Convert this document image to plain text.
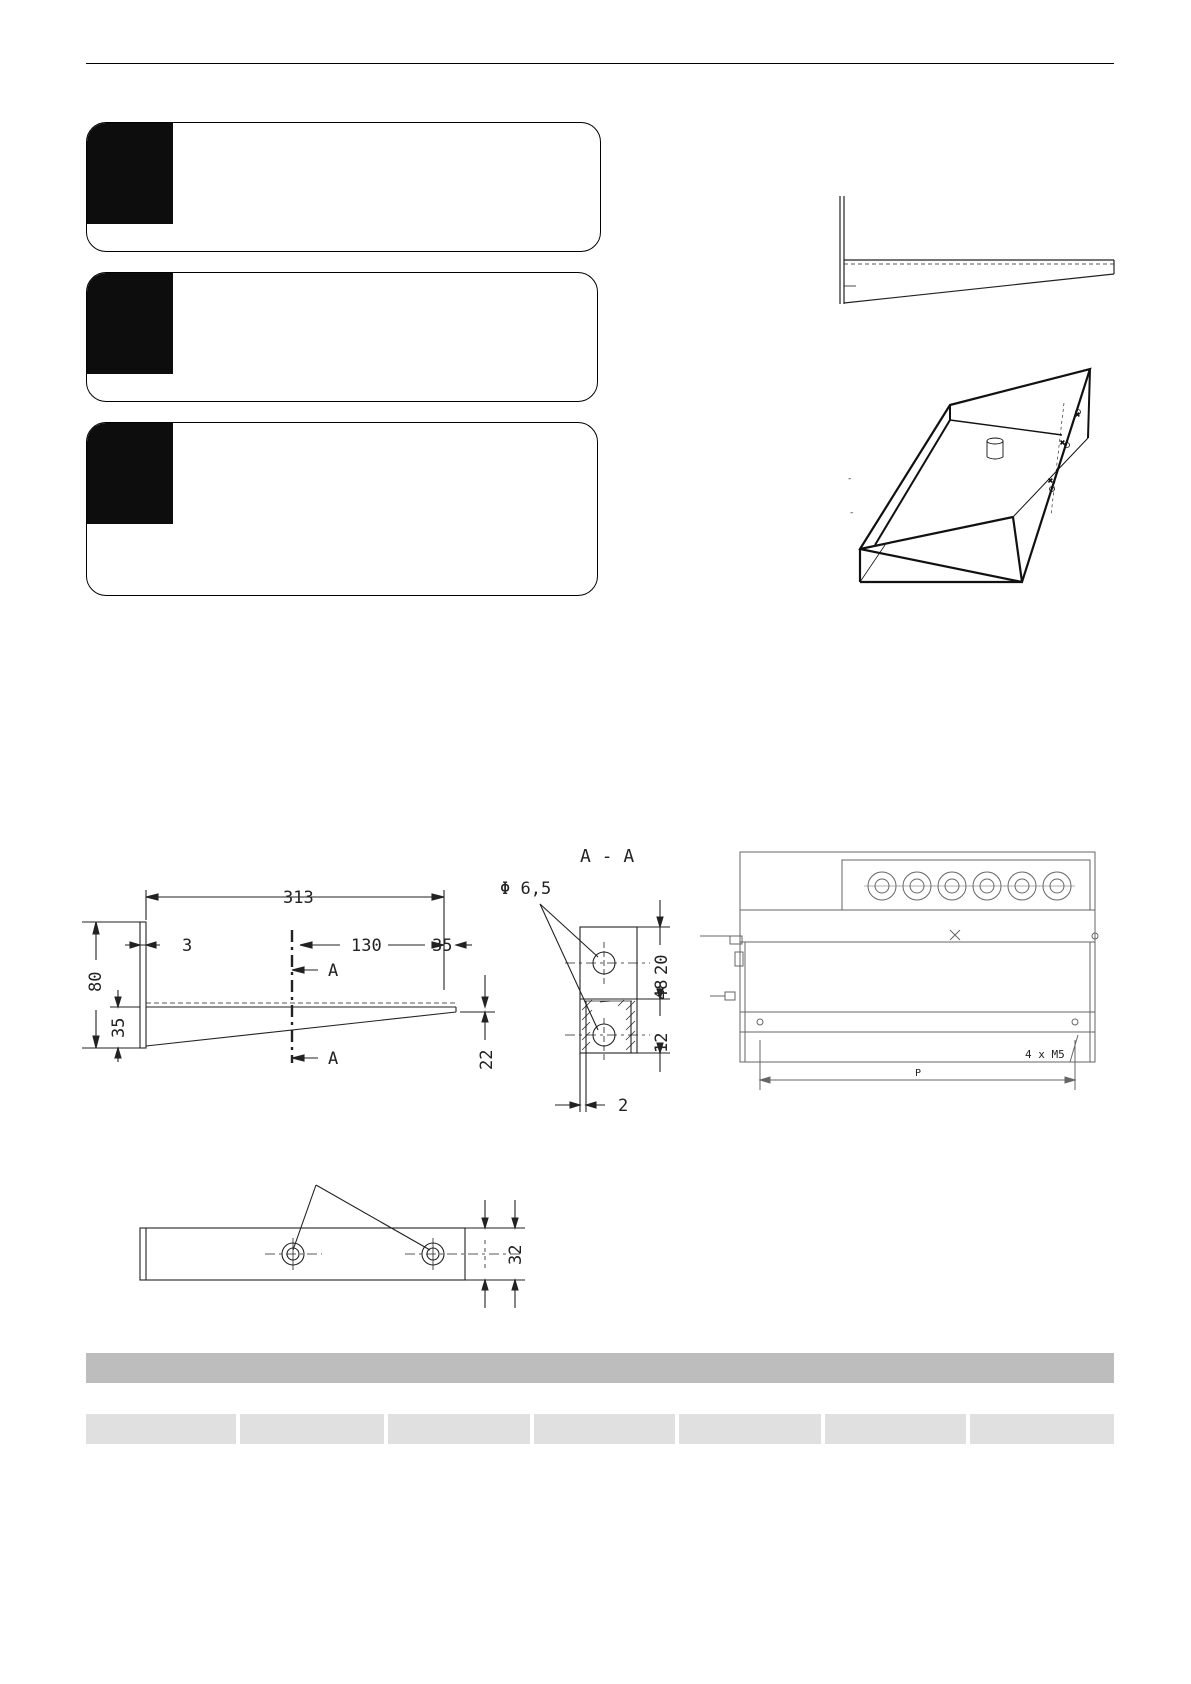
×
×
×
-
-
313
3	130	35
A
A
80
35
22
A - A
Φ 6,5
20
48
12
2
32
4 x M5
P
